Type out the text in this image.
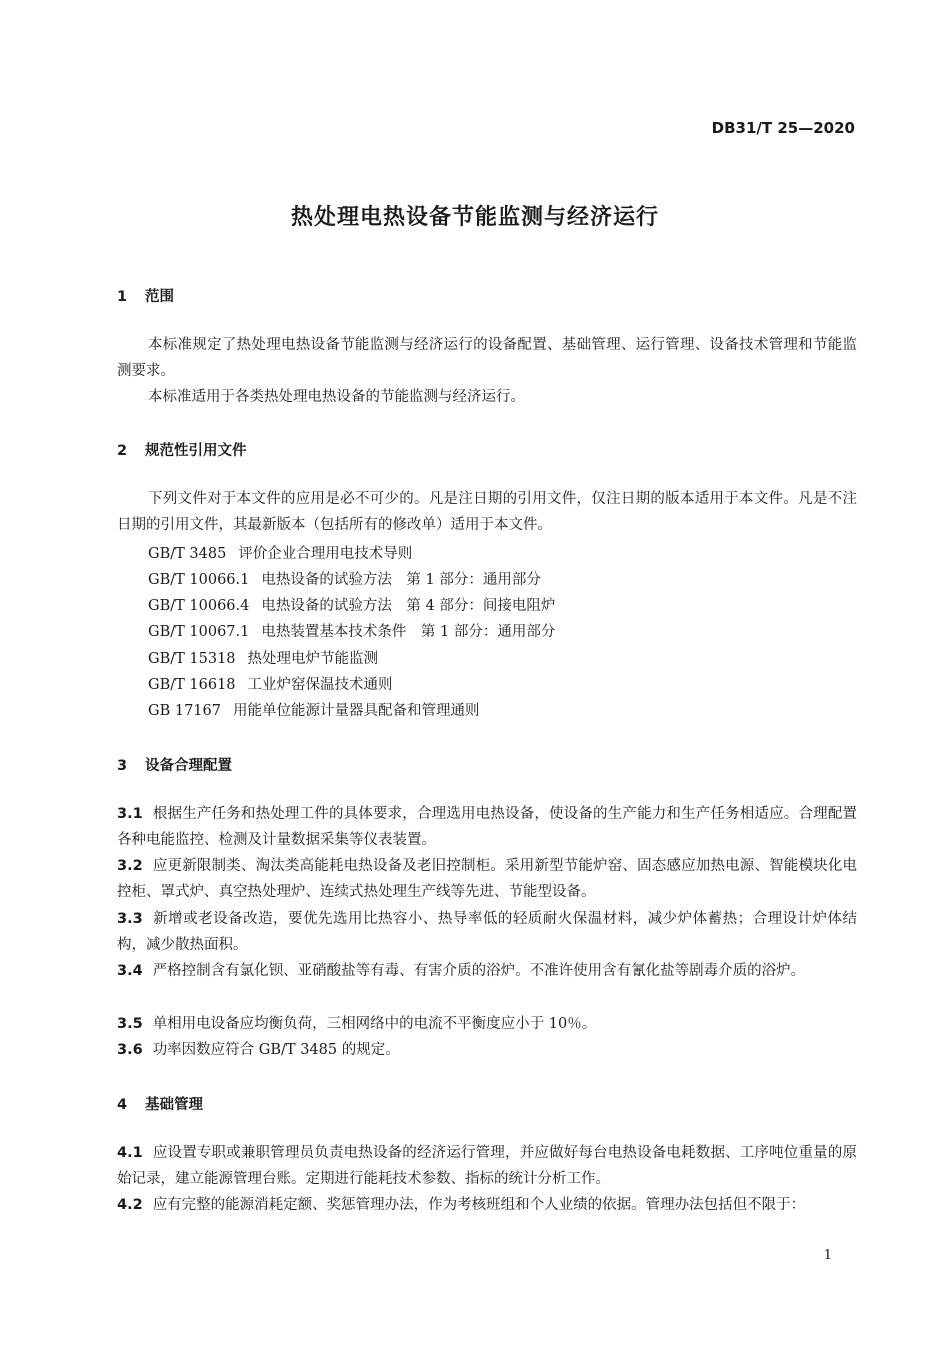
DB31/T 25—2020
热处理电热设备节能监测与经济运行
1 范围
本标准规定了热处理电热设备节能监测与经济运行的设备配置、基础管理、运行管理、设备技术管理和节能监测要求。
本标准适用于各类热处理电热设备的节能监测与经济运行。
2 规范性引用文件
下列文件对于本文件的应用是必不可少的。凡是注日期的引用文件，仅注日期的版本适用于本文件。凡是不注日期的引用文件，其最新版本（包括所有的修改单）适用于本文件。
GB/T 3485 评价企业合理用电技术导则
GB/T 10066.1 电热设备的试验方法　第 1 部分：通用部分
GB/T 10066.4 电热设备的试验方法　第 4 部分：间接电阻炉
GB/T 10067.1 电热装置基本技术条件　第 1 部分：通用部分
GB/T 15318 热处理电炉节能监测
GB/T 16618 工业炉窑保温技术通则
GB 17167 用能单位能源计量器具配备和管理通则
3 设备合理配置
3.1 根据生产任务和热处理工件的具体要求，合理选用电热设备，使设备的生产能力和生产任务相适应。合理配置各种电能监控、检测及计量数据采集等仪表装置。
3.2 应更新限制类、淘汰类高能耗电热设备及老旧控制柜。采用新型节能炉窑、固态感应加热电源、智能模块化电控柜、罩式炉、真空热处理炉、连续式热处理生产线等先进、节能型设备。
3.3 新增或老设备改造，要优先选用比热容小、热导率低的轻质耐火保温材料，减少炉体蓄热；合理设计炉体结构，减少散热面积。
3.4 严格控制含有氯化钡、亚硝酸盐等有毒、有害介质的浴炉。不准许使用含有氰化盐等剧毒介质的浴炉。
3.5 单相用电设备应均衡负荷，三相网络中的电流不平衡度应小于 10％。
3.6 功率因数应符合 GB/T 3485 的规定。
4 基础管理
4.1 应设置专职或兼职管理员负责电热设备的经济运行管理，并应做好每台电热设备电耗数据、工序吨位重量的原始记录，建立能源管理台账。定期进行能耗技术参数、指标的统计分析工作。
4.2 应有完整的能源消耗定额、奖惩管理办法，作为考核班组和个人业绩的依据。管理办法包括但不限于：
1
